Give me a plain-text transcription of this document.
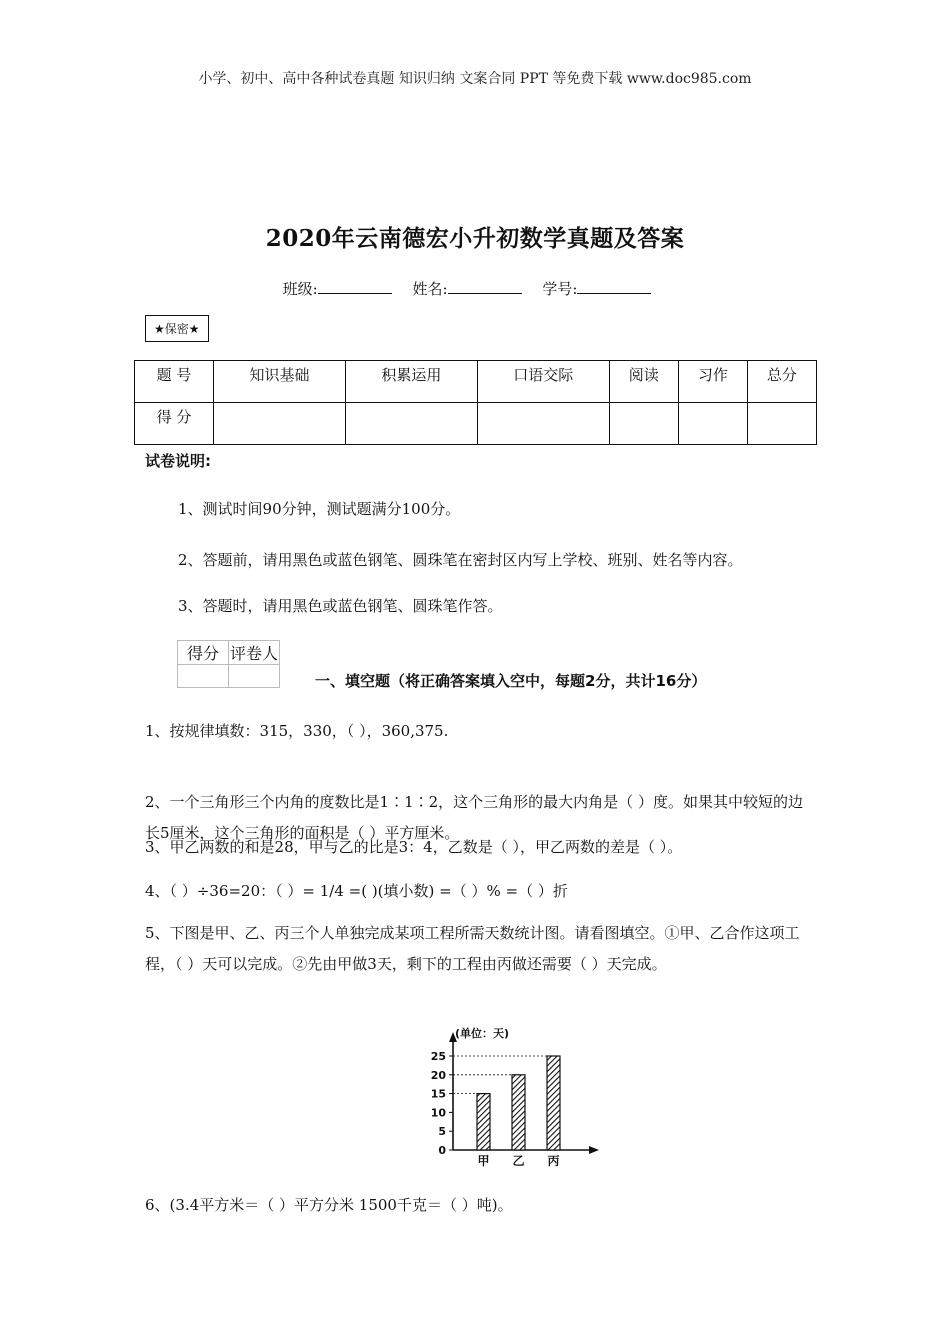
小学、初中、高中各种试卷真题 知识归纳 文案合同 PPT 等免费下载 www.doc985.com
2020年云南德宏小升初数学真题及答案
班级:	姓名:	学号:
★保密★
题 号	知识基础	积累运用	口语交际	阅读	习作	总分
得 分						
试卷说明:
1、测试时间90分钟，测试题满分100分。
2、答题前，请用黑色或蓝色钢笔、圆珠笔在密封区内写上学校、班别、姓名等内容。
3、答题时，请用黑色或蓝色钢笔、圆珠笔作答。
得分	评卷人

一、填空题（将正确答案填入空中，每题2分，共计16分）
1、按规律填数：315，330，（ ），360,375.
2、一个三角形三个内角的度数比是1∶1∶2，这个三角形的最大内角是（ ）度。如果其中较短的边长5厘米，这个三角形的面积是（ ）平方厘米。
3、甲乙两数的和是28，甲与乙的比是3：4，乙数是（ ），甲乙两数的差是（ ）。
4、（ ）÷36=20：（ ）= 1/4 =( )(填小数) =（ ）% =（ ）折
5、下图是甲、乙、丙三个人单独完成某项工程所需天数统计图。请看图填空。①甲、乙合作这项工程，（ ）天可以完成。②先由甲做3天，剩下的工程由丙做还需要（ ）天完成。
(单位：天)
0
5
10
15
20
25
甲 乙 丙
6、(3.4平方米＝（ ）平方分米 1500千克＝（ ）吨)。
